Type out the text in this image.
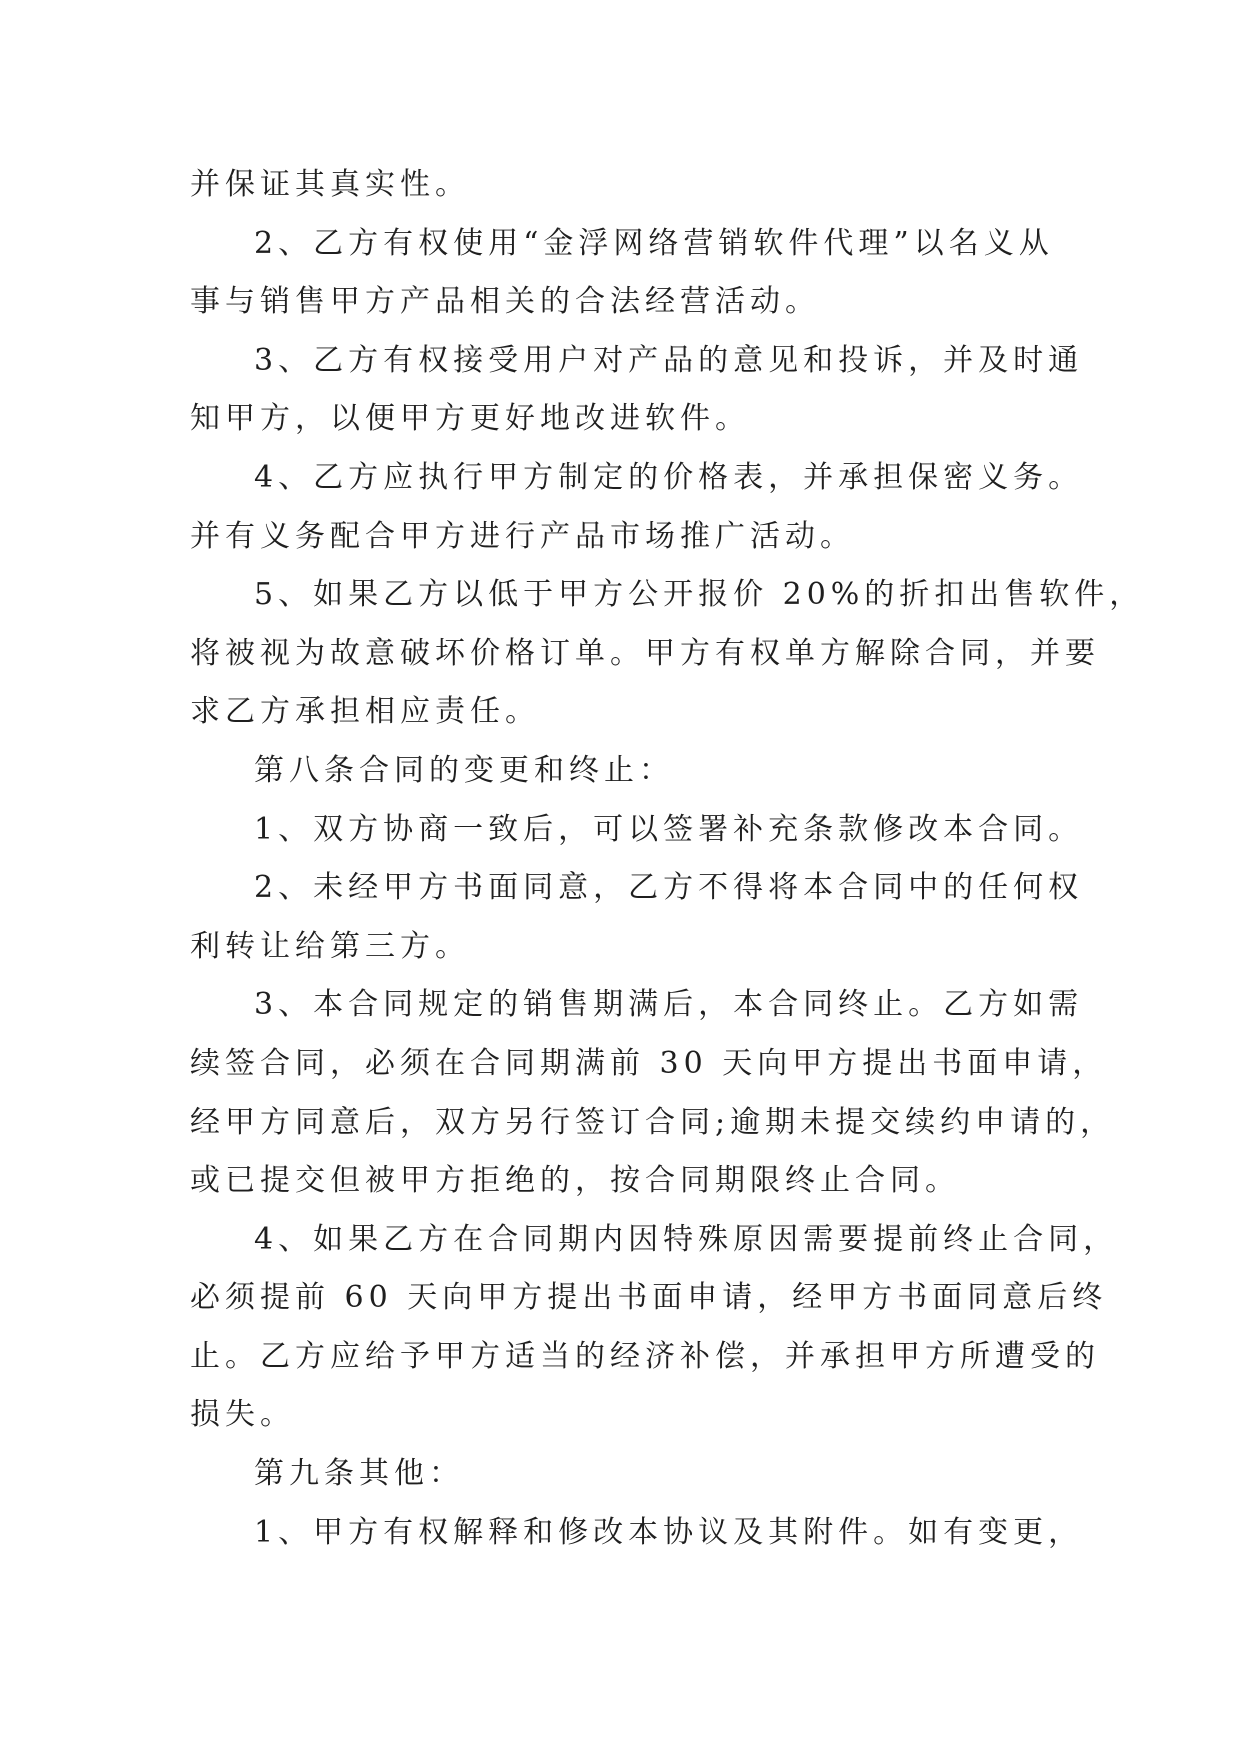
并保证其真实性。
2、乙方有权使用“金浮网络营销软件代理”以名义从
事与销售甲方产品相关的合法经营活动。
3、乙方有权接受用户对产品的意见和投诉，并及时通
知甲方，以便甲方更好地改进软件。
4、乙方应执行甲方制定的价格表，并承担保密义务。
并有义务配合甲方进行产品市场推广活动。
5、如果乙方以低于甲方公开报价 20%的折扣出售软件，
将被视为故意破坏价格订单。甲方有权单方解除合同，并要
求乙方承担相应责任。
第八条合同的变更和终止：
1、双方协商一致后，可以签署补充条款修改本合同。
2、未经甲方书面同意，乙方不得将本合同中的任何权
利转让给第三方。
3、本合同规定的销售期满后，本合同终止。乙方如需
续签合同，必须在合同期满前 30 天向甲方提出书面申请，
经甲方同意后，双方另行签订合同;逾期未提交续约申请的，
或已提交但被甲方拒绝的，按合同期限终止合同。
4、如果乙方在合同期内因特殊原因需要提前终止合同，
必须提前 60 天向甲方提出书面申请，经甲方书面同意后终
止。乙方应给予甲方适当的经济补偿，并承担甲方所遭受的
损失。
第九条其他：
1、甲方有权解释和修改本协议及其附件。如有变更，
